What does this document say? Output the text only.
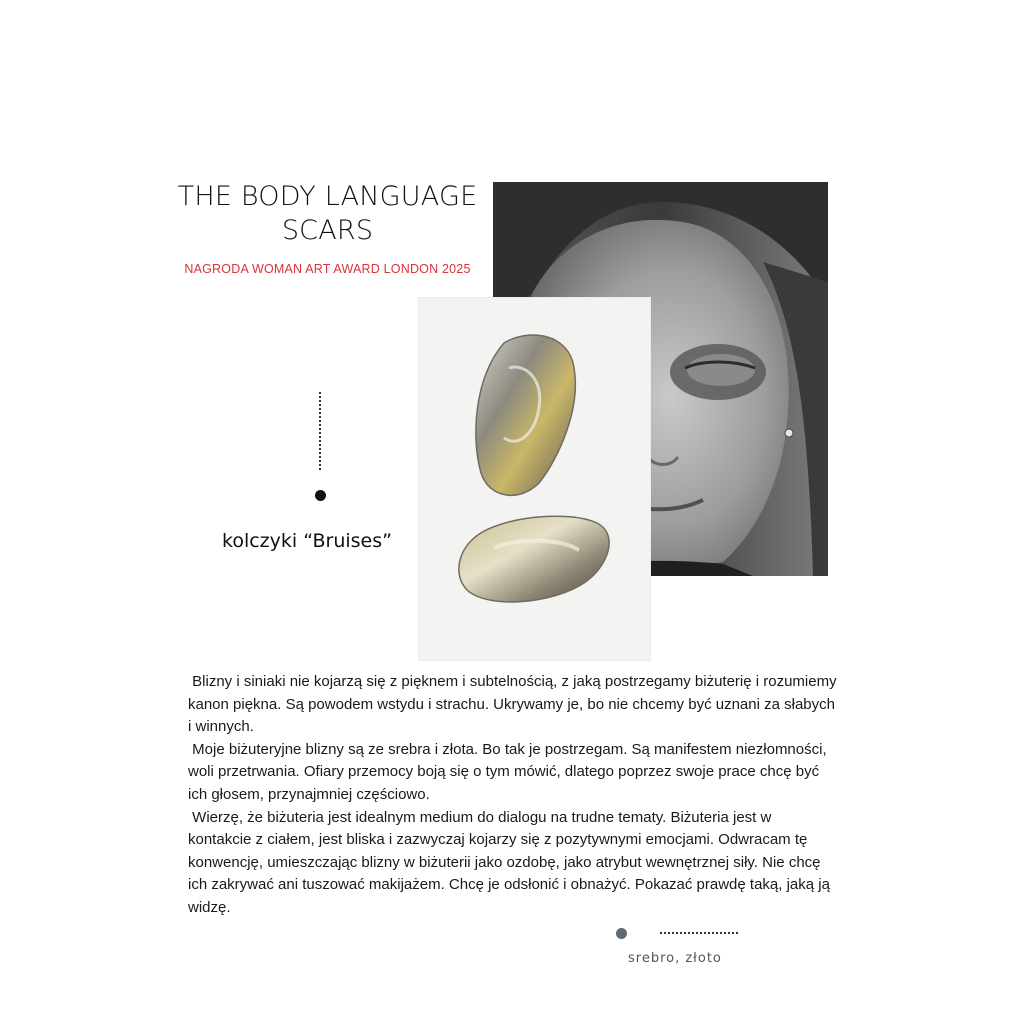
THE BODY LANGUAGE
SCARS
NAGRODA WOMAN ART AWARD LONDON 2025
kolczyki “Bruises”

Blizny i siniaki nie kojarzą się z pięknem i subtelnością, z jaką postrzegamy biżuterię i rozumiemy kanon piękna. Są powodem wstydu i strachu. Ukrywamy je, bo nie chcemy być uznani za słabych i winnych.

Moje biżuteryjne blizny są ze srebra i złota. Bo tak je postrzegam. Są manifestem niezłomności, woli przetrwania. Ofiary przemocy boją się o tym mówić, dlatego poprzez swoje prace chcę być ich głosem, przynajmniej częściowo.

Wierzę, że biżuteria jest idealnym medium do dialogu na trudne tematy. Biżuteria jest w kontakcie z ciałem, jest bliska i zazwyczaj kojarzy się z pozytywnymi emocjami. Odwracam tę konwencję, umieszczając blizny w biżuterii jako ozdobę, jako atrybut wewnętrznej siły. Nie chcę ich zakrywać ani tuszować makijażem. Chcę je odsłonić i obnażyć. Pokazać prawdę taką, jaką ją widzę.

srebro, złoto
